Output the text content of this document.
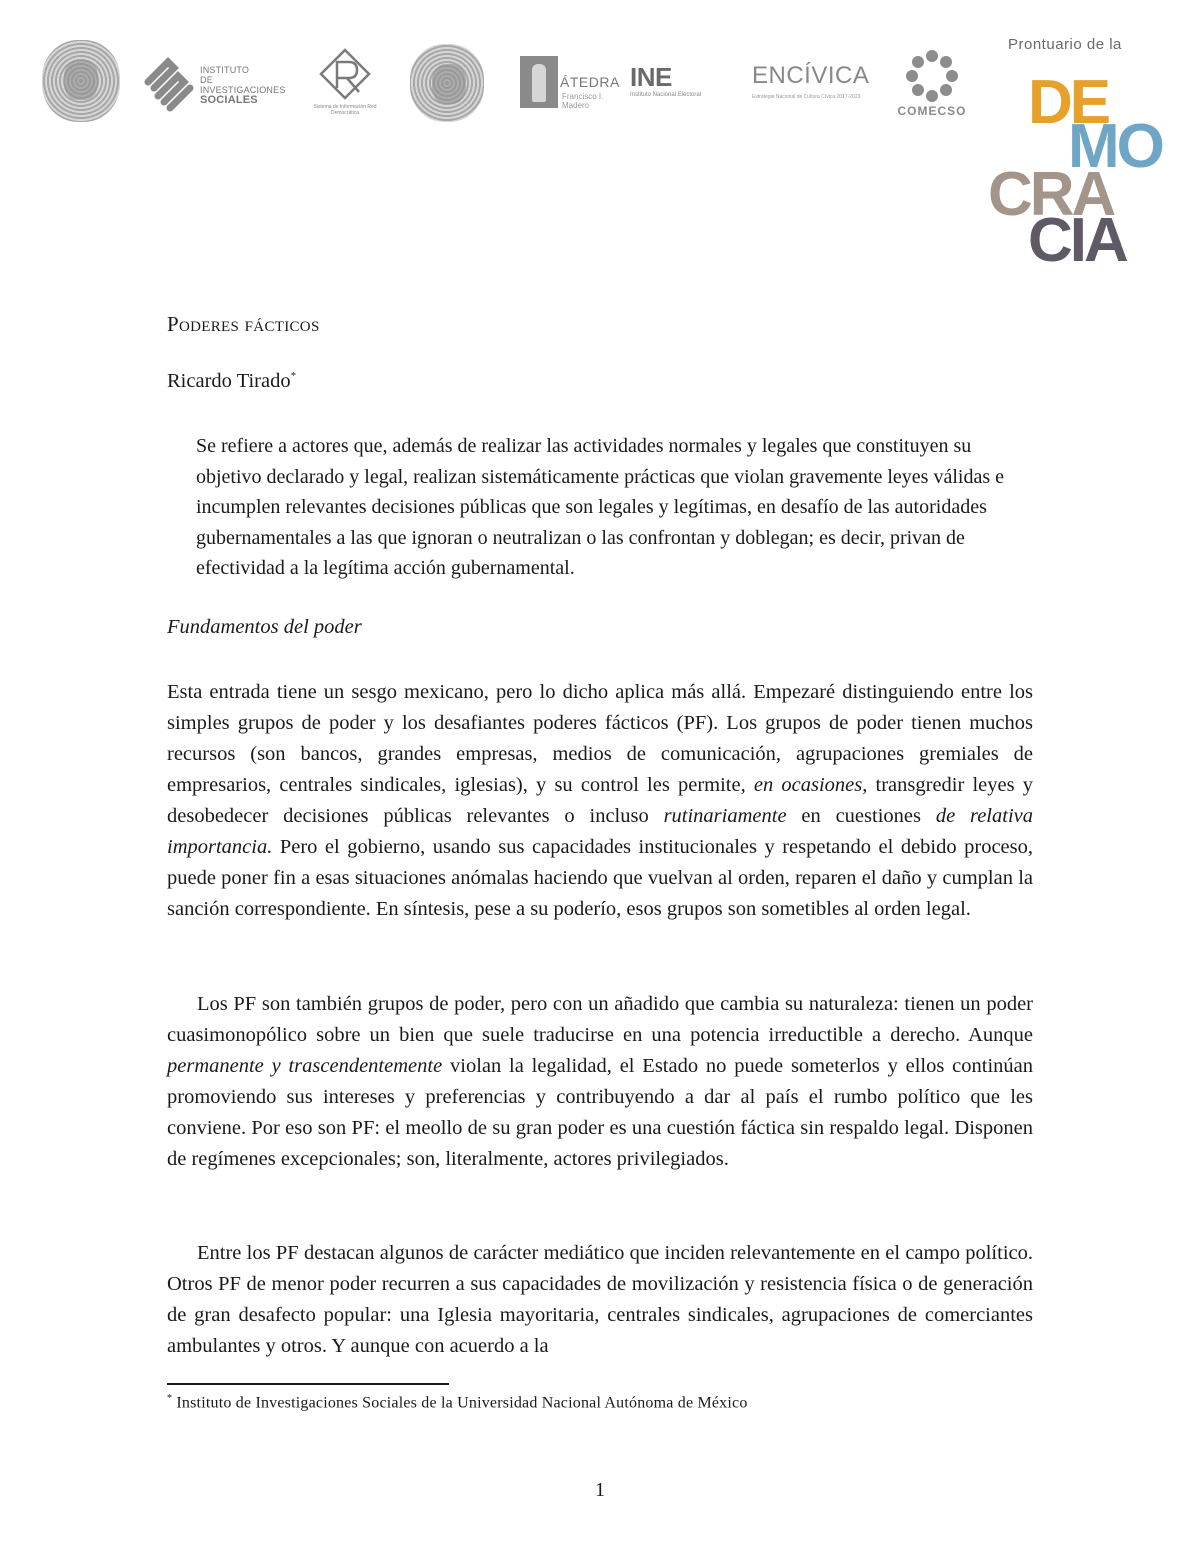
INSTITUTO
DE INVESTIGACIONES
SOCIALES
Sistema de Información Red Democrática
ÁTEDRA
Francisco I. Madero
INE
Instituto Nacional Electoral
ENCÍVICA
Estrategia Nacional de Cultura Cívica 2017-2023
COMECSO
Prontuario de la
DE
MO
CRA
CIA
Poderes fácticos
Ricardo Tirado*
Se refiere a actores que, además de realizar las actividades normales y legales que constituyen su objetivo declarado y legal, realizan sistemáticamente prácticas que violan gravemente leyes válidas e incumplen relevantes decisiones públicas que son legales y legítimas, en desafío de las autoridades gubernamentales a las que ignoran o neutralizan o las confrontan y doblegan; es decir, privan de efectividad a la legítima acción gubernamental.
Fundamentos del poder

Esta entrada tiene un sesgo mexicano, pero lo dicho aplica más allá. Empezaré distinguiendo entre los simples grupos de poder y los desafiantes poderes fácticos (PF). Los grupos de poder tienen muchos recursos (son bancos, grandes empresas, medios de comunicación, agrupaciones gremiales de empresarios, centrales sindicales, iglesias), y su control les permite, en ocasiones, transgredir leyes y desobedecer decisiones públicas relevantes o incluso rutinariamente en cuestiones de relativa importancia. Pero el gobierno, usando sus capacidades institucionales y respetando el debido proceso, puede poner fin a esas situaciones anómalas haciendo que vuelvan al orden, reparen el daño y cumplan la sanción correspondiente. En síntesis, pese a su poderío, esos grupos son sometibles al orden legal.

Los PF son también grupos de poder, pero con un añadido que cambia su naturaleza: tienen un poder cuasimonopólico sobre un bien que suele traducirse en una potencia irreductible a derecho. Aunque permanente y trascendentemente violan la legalidad, el Estado no puede someterlos y ellos continúan promoviendo sus intereses y preferencias y contribuyendo a dar al país el rumbo político que les conviene. Por eso son PF: el meollo de su gran poder es una cuestión fáctica sin respaldo legal. Disponen de regímenes excepcionales; son, literalmente, actores privilegiados.

Entre los PF destacan algunos de carácter mediático que inciden relevantemente en el campo político. Otros PF de menor poder recurren a sus capacidades de movilización y resistencia física o de generación de gran desafecto popular: una Iglesia mayoritaria, centrales sindicales, agrupaciones de comerciantes ambulantes y otros. Y aunque con acuerdo a la

* Instituto de Investigaciones Sociales de la Universidad Nacional Autónoma de México
1
